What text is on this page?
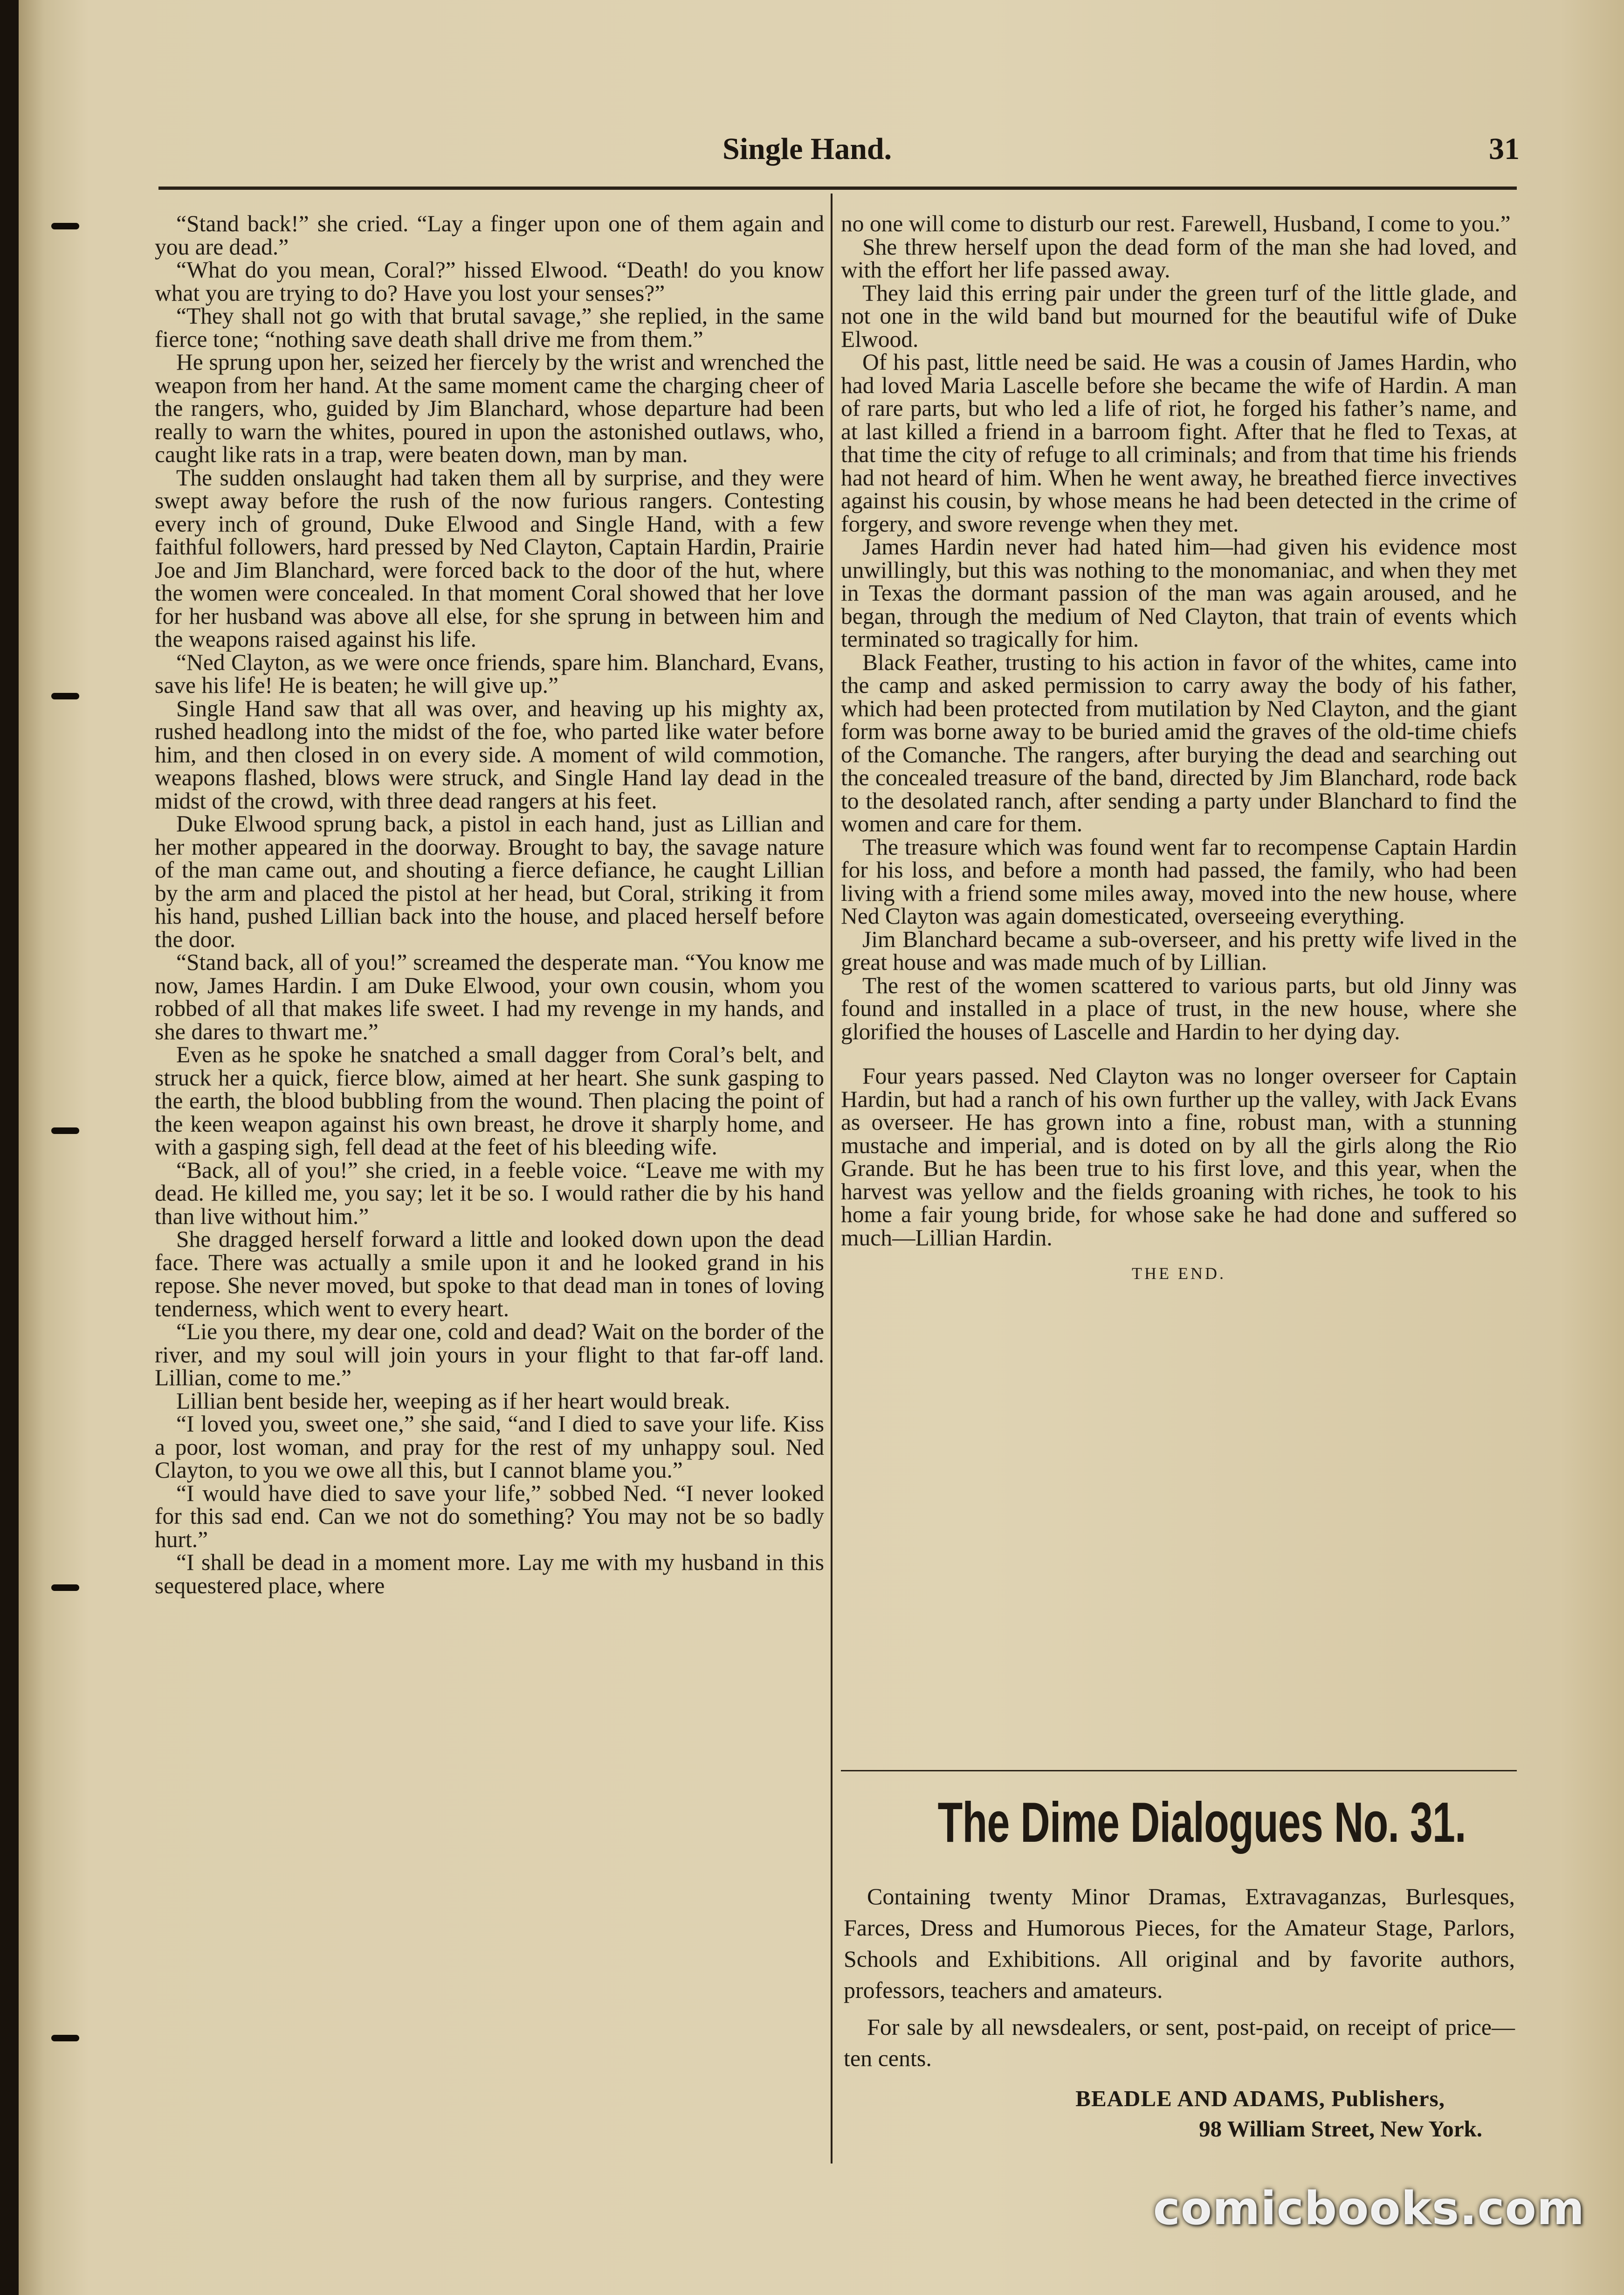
Single Hand.	31

“Stand back!” she cried. “Lay a finger upon one of them again and you are dead.”

“What do you mean, Coral?” hissed Elwood. “Death! do you know what you are trying to do? Have you lost your senses?”

“They shall not go with that brutal savage,” she replied, in the same fierce tone; “nothing save death shall drive me from them.”

He sprung upon her, seized her fiercely by the wrist and wrenched the weapon from her hand. At the same moment came the charging cheer of the rangers, who, guided by Jim Blanchard, whose departure had been really to warn the whites, poured in upon the astonished outlaws, who, caught like rats in a trap, were beaten down, man by man.

The sudden onslaught had taken them all by surprise, and they were swept away before the rush of the now furious rangers. Contesting every inch of ground, Duke Elwood and Single Hand, with a few faithful followers, hard pressed by Ned Clayton, Captain Hardin, Prairie Joe and Jim Blanchard, were forced back to the door of the hut, where the women were concealed. In that moment Coral showed that her love for her husband was above all else, for she sprung in between him and the weapons raised against his life.

“Ned Clayton, as we were once friends, spare him. Blanchard, Evans, save his life! He is beaten; he will give up.”

Single Hand saw that all was over, and heaving up his mighty ax, rushed headlong into the midst of the foe, who parted like water before him, and then closed in on every side. A moment of wild commotion, weapons flashed, blows were struck, and Single Hand lay dead in the midst of the crowd, with three dead rangers at his feet.

Duke Elwood sprung back, a pistol in each hand, just as Lillian and her mother appeared in the doorway. Brought to bay, the savage nature of the man came out, and shouting a fierce defiance, he caught Lillian by the arm and placed the pistol at her head, but Coral, striking it from his hand, pushed Lillian back into the house, and placed herself before the door.

“Stand back, all of you!” screamed the desperate man. “You know me now, James Hardin. I am Duke Elwood, your own cousin, whom you robbed of all that makes life sweet. I had my revenge in my hands, and she dares to thwart me.”

Even as he spoke he snatched a small dagger from Coral’s belt, and struck her a quick, fierce blow, aimed at her heart. She sunk gasping to the earth, the blood bubbling from the wound. Then placing the point of the keen weapon against his own breast, he drove it sharply home, and with a gasping sigh, fell dead at the feet of his bleeding wife.

“Back, all of you!” she cried, in a feeble voice. “Leave me with my dead. He killed me, you say; let it be so. I would rather die by his hand than live without him.”

She dragged herself forward a little and looked down upon the dead face. There was actually a smile upon it and he looked grand in his repose. She never moved, but spoke to that dead man in tones of loving tenderness, which went to every heart.

“Lie you there, my dear one, cold and dead? Wait on the border of the river, and my soul will join yours in your flight to that far-off land. Lillian, come to me.”

Lillian bent beside her, weeping as if her heart would break.

“I loved you, sweet one,” she said, “and I died to save your life. Kiss a poor, lost woman, and pray for the rest of my unhappy soul. Ned Clayton, to you we owe all this, but I cannot blame you.”

“I would have died to save your life,” sobbed Ned. “I never looked for this sad end. Can we not do something? You may not be so badly hurt.”

“I shall be dead in a moment more. Lay me with my husband in this sequestered place, where

no one will come to disturb our rest. Farewell, Husband, I come to you.”

She threw herself upon the dead form of the man she had loved, and with the effort her life passed away.

They laid this erring pair under the green turf of the little glade, and not one in the wild band but mourned for the beautiful wife of Duke Elwood.

Of his past, little need be said. He was a cousin of James Hardin, who had loved Maria Lascelle before she became the wife of Hardin. A man of rare parts, but who led a life of riot, he forged his father’s name, and at last killed a friend in a barroom fight. After that he fled to Texas, at that time the city of refuge to all criminals; and from that time his friends had not heard of him. When he went away, he breathed fierce invectives against his cousin, by whose means he had been detected in the crime of forgery, and swore revenge when they met.

James Hardin never had hated him—had given his evidence most unwillingly, but this was nothing to the monomaniac, and when they met in Texas the dormant passion of the man was again aroused, and he began, through the medium of Ned Clayton, that train of events which terminated so tragically for him.

Black Feather, trusting to his action in favor of the whites, came into the camp and asked permission to carry away the body of his father, which had been protected from mutilation by Ned Clayton, and the giant form was borne away to be buried amid the graves of the old-time chiefs of the Comanche. The rangers, after burying the dead and searching out the concealed treasure of the band, directed by Jim Blanchard, rode back to the desolated ranch, after sending a party under Blanchard to find the women and care for them.

The treasure which was found went far to recompense Captain Hardin for his loss, and before a month had passed, the family, who had been living with a friend some miles away, moved into the new house, where Ned Clayton was again domesticated, overseeing everything.

Jim Blanchard became a sub-overseer, and his pretty wife lived in the great house and was made much of by Lillian.

The rest of the women scattered to various parts, but old Jinny was found and installed in a place of trust, in the new house, where she glorified the houses of Lascelle and Hardin to her dying day.

Four years passed. Ned Clayton was no longer overseer for Captain Hardin, but had a ranch of his own further up the valley, with Jack Evans as overseer. He has grown into a fine, robust man, with a stunning mustache and imperial, and is doted on by all the girls along the Rio Grande. But he has been true to his first love, and this year, when the harvest was yellow and the fields groaning with riches, he took to his home a fair young bride, for whose sake he had done and suffered so much—Lillian Hardin.

THE END.
The Dime Dialogues No. 31.

Containing twenty Minor Dramas, Extravaganzas, Burlesques, Farces, Dress and Humorous Pieces, for the Amateur Stage, Parlors, Schools and Exhibitions. All original and by favorite authors, professors, teachers and amateurs.

For sale by all newsdealers, or sent, post-paid, on receipt of price—ten cents.

BEADLE AND ADAMS, Publishers,
98 William Street, New York.
comicbooks.com
